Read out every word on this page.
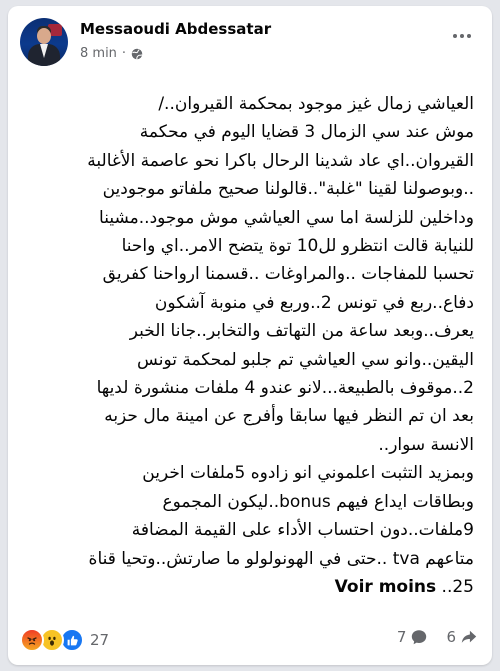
Messaoudi Abdessatar
8 min ·

العياشي زمال غيز موجود بمحكمة القيروان../

موش عند سي الزمال 3 قضايا اليوم في محكمة

القيروان..اي عاد شدينا الرحال باكرا نحو عاصمة الأغالبة

..وبوصولنا لقينا "غلبة"..قالولنا صحيح ملفاتو موجودين

وداخلين للزلسة اما سي العياشي موش موجود..مشينا

للنيابة قالت انتظرو لل10 توة يتضح الامر..اي واحنا

تحسبا للمفاجات ..والمراوغات ..قسمنا ارواحنا كفريق

دفاع..ربع في تونس 2..وربع في منوبة آشكون

يعرف..وبعد ساعة من التهاتف والتخابر..جانا الخبر

اليقين..وانو سي العياشي تم جلبو لمحكمة تونس

2..موقوف بالطبيعة...لانو عندو 4 ملفات منشورة لديها

بعد ان تم النظر فيها سابقا وأفرج عن امينة مال حزبه

الانسة سوار..

وبمزيد التثبت اعلموني انو زادوه 5ملفات اخرين

وبطاقات ايداع فيهم bonus..ليكون المجموع

9ملفات..دون احتساب الأداء على القيمة المضافة

متاعهم tva ..حتى في الهونولولو ما صارتش..وتحيا قناة

25.. Voir moins

27	7	6
